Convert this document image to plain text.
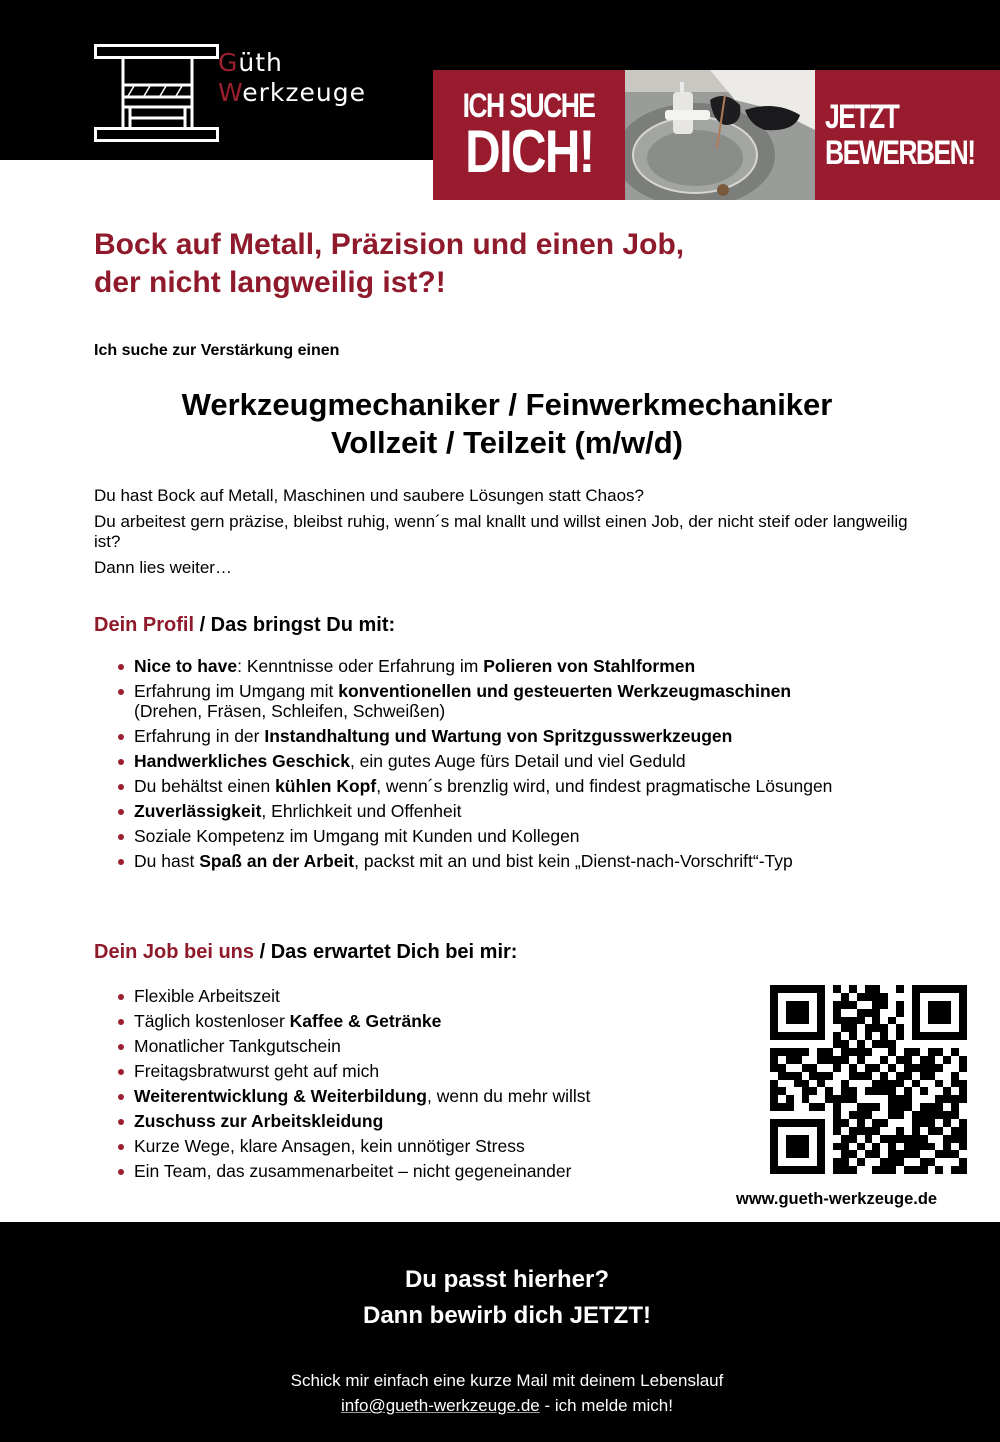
Güth
Werkzeuge	ICH SUCHE
DICH!
JETZT
BEWERBEN!
Bock auf Metall, Präzision und einen Job,
der nicht langweilig ist?!
Ich suche zur Verstärkung einen
Werkzeugmechaniker / Feinwerkmechaniker
Vollzeit / Teilzeit (m/w/d)

Du hast Bock auf Metall, Maschinen und saubere Lösungen statt Chaos?

Du arbeitest gern präzise, bleibst ruhig, wenn´s mal knallt und willst einen Job, der nicht steif oder langweilig ist?

Dann lies weiter…

Dein Profil / Das bringst Du mit:
Nice to have: Kenntnisse oder Erfahrung im Polieren von Stahlformen
Erfahrung im Umgang mit konventionellen und gesteuerten Werkzeugmaschinen
(Drehen, Fräsen, Schleifen, Schweißen)
Erfahrung in der Instandhaltung und Wartung von Spritzgusswerkzeugen
Handwerkliches Geschick, ein gutes Auge fürs Detail und viel Geduld
Du behältst einen kühlen Kopf, wenn´s brenzlig wird, und findest pragmatische Lösungen
Zuverlässigkeit, Ehrlichkeit und Offenheit
Soziale Kompetenz im Umgang mit Kunden und Kollegen
Du hast Spaß an der Arbeit, packst mit an und bist kein „Dienst-nach-Vorschrift“-Typ
Dein Job bei uns / Das erwartet Dich bei mir:
Flexible Arbeitszeit
Täglich kostenloser Kaffee & Getränke
Monatlicher Tankgutschein
Freitagsbratwurst geht auf mich
Weiterentwicklung & Weiterbildung, wenn du mehr willst
Zuschuss zur Arbeitskleidung
Kurze Wege, klare Ansagen, kein unnötiger Stress
Ein Team, das zusammenarbeitet – nicht gegeneinander
www.gueth-werkzeuge.de
Du passt hierher?
Dann bewirb dich JETZT!
Schick mir einfach eine kurze Mail mit deinem Lebenslauf
info@gueth-werkzeuge.de - ich melde mich!
